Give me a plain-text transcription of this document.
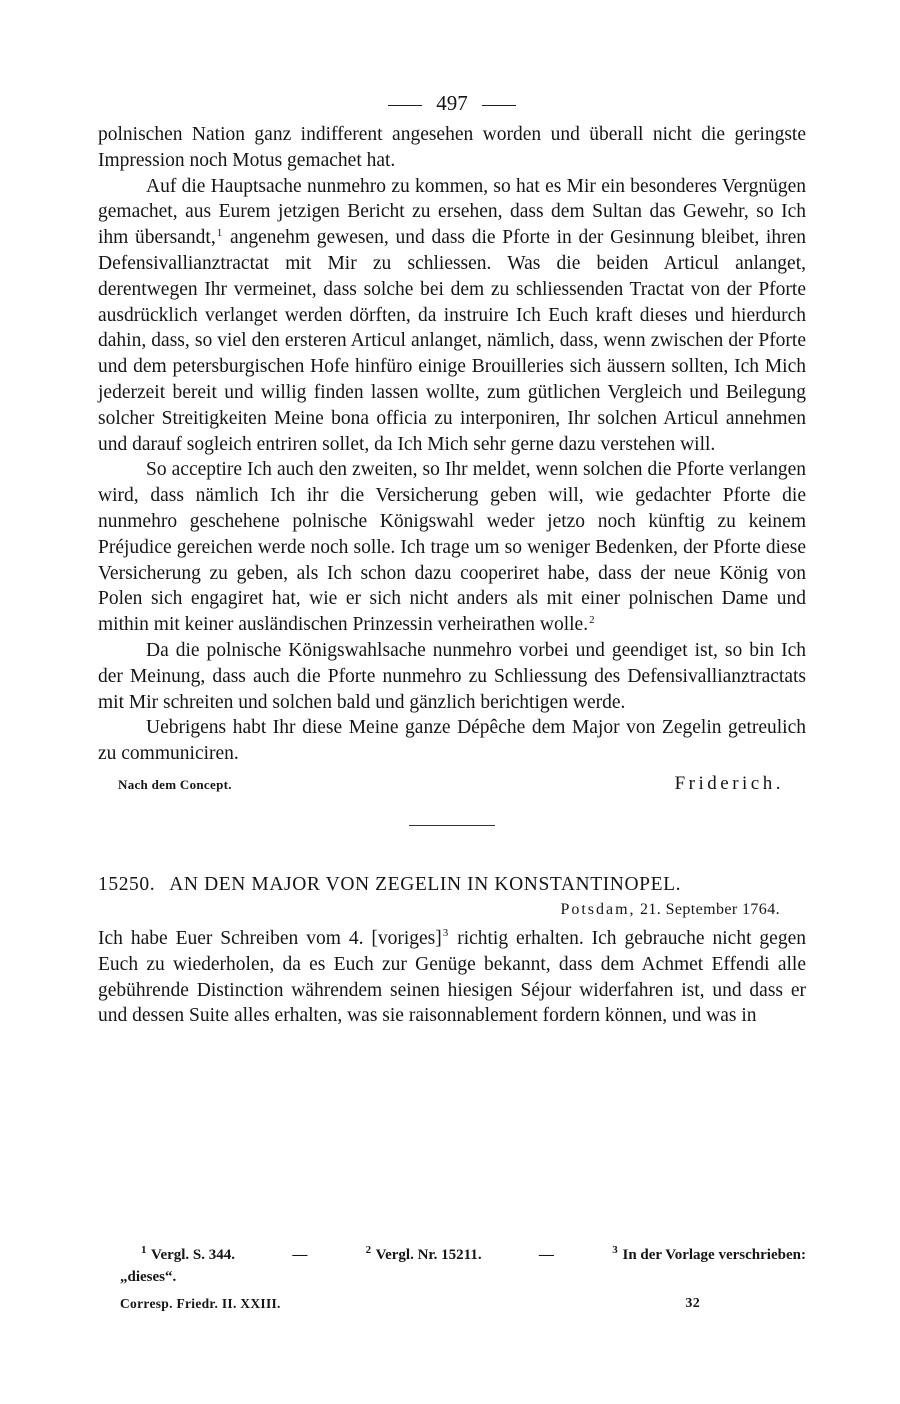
497

polnischen Nation ganz indifferent angesehen worden und überall nicht die geringste Impression noch Motus gemachet hat.

Auf die Hauptsache nunmehro zu kommen, so hat es Mir ein besonderes Vergnügen gemachet, aus Eurem jetzigen Bericht zu ersehen, dass dem Sultan das Gewehr, so Ich ihm übersandt,$^1$ angenehm gewesen, und dass die Pforte in der Gesinnung bleibet, ihren Defensivallianztractat mit Mir zu schliessen. Was die beiden Articul anlanget, derentwegen Ihr vermeinet, dass solche bei dem zu schliessenden Tractat von der Pforte ausdrücklich verlanget werden dörften, da instruire Ich Euch kraft dieses und hierdurch dahin, dass, so viel den ersteren Articul anlanget, nämlich, dass, wenn zwischen der Pforte und dem petersburgischen Hofe hinfüro einige Brouilleries sich äussern sollten, Ich Mich jederzeit bereit und willig finden lassen wollte, zum gütlichen Vergleich und Beilegung solcher Streitigkeiten Meine bona officia zu interponiren, Ihr solchen Articul annehmen und darauf sogleich entriren sollet, da Ich Mich sehr gerne dazu verstehen will.

So acceptire Ich auch den zweiten, so Ihr meldet, wenn solchen die Pforte verlangen wird, dass nämlich Ich ihr die Versicherung geben will, wie gedachter Pforte die nunmehro geschehene polnische Königswahl weder jetzo noch künftig zu keinem Préjudice gereichen werde noch solle. Ich trage um so weniger Bedenken, der Pforte diese Versicherung zu geben, als Ich schon dazu cooperiret habe, dass der neue König von Polen sich engagiret hat, wie er sich nicht anders als mit einer polnischen Dame und mithin mit keiner ausländischen Prinzessin verheirathen wolle.$^2$

Da die polnische Königswahlsache nunmehro vorbei und geendiget ist, so bin Ich der Meinung, dass auch die Pforte nunmehro zu Schliessung des Defensivallianztractats mit Mir schreiten und solchen bald und gänzlich berichtigen werde.

Uebrigens habt Ihr diese Meine ganze Dépêche dem Major von Zegelin getreulich zu communiciren.

Nach dem Concept.	Friderich.
15250. AN DEN MAJOR VON ZEGELIN IN KONSTANTINOPEL.
Potsdam, 21. September 1764.

Ich habe Euer Schreiben vom 4. [voriges]$^3$ richtig erhalten. Ich gebrauche nicht gegen Euch zu wiederholen, da es Euch zur Genüge bekannt, dass dem Achmet Effendi alle gebührende Distinction währendem seinen hiesigen Séjour widerfahren ist, und dass er und dessen Suite alles erhalten, was sie raisonnablement fordern können, und was in

$^1$ Vergl. S. 344.	—	$^2$ Vergl. Nr. 15211.	—	$^3$ In der Vorlage verschrieben:
„dieses“.
Corresp. Friedr. II. XXIII.	32
